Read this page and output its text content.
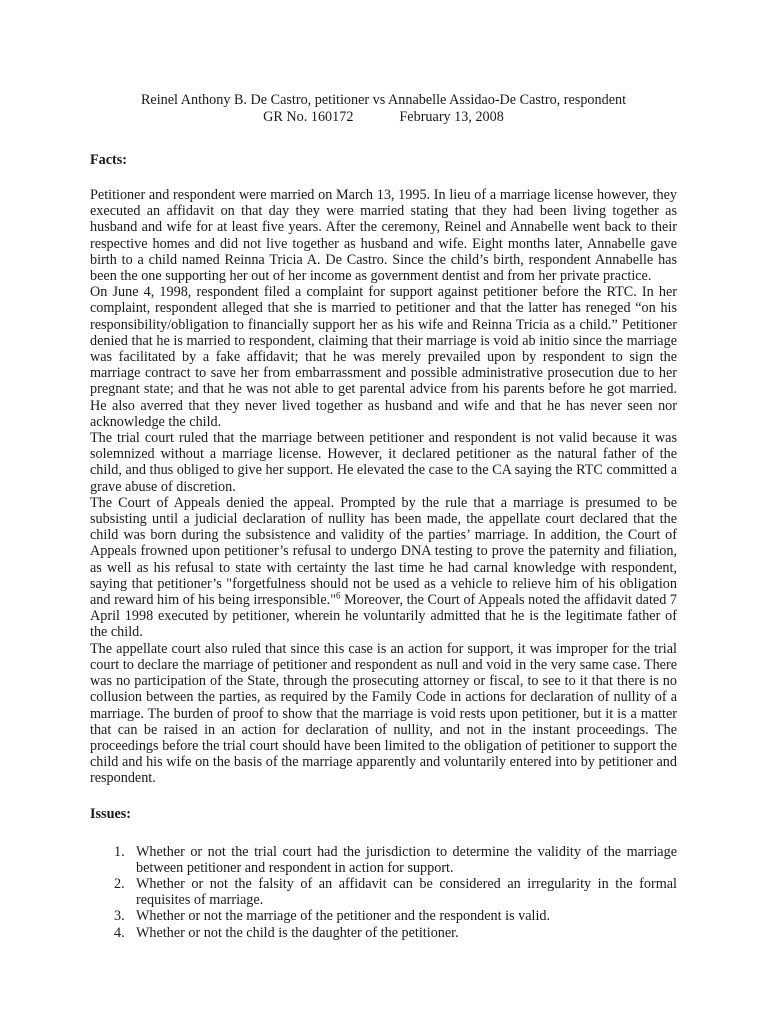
Reinel Anthony B. De Castro, petitioner vs Annabelle Assidao-De Castro, respondent
GR No. 160172	February 13, 2008
Facts:

Petitioner and respondent were married on March 13, 1995. In lieu of a marriage license however, they executed an affidavit on that day they were married stating that they had been living together as husband and wife for at least five years. After the ceremony, Reinel and Annabelle went back to their respective homes and did not live together as husband and wife. Eight months later, Annabelle gave birth to a child named Reinna Tricia A. De Castro. Since the child’s birth, respondent Annabelle has been the one supporting her out of her income as government dentist and from her private practice.

On June 4, 1998, respondent filed a complaint for support against petitioner before the RTC. In her complaint, respondent alleged that she is married to petitioner and that the latter has reneged “on his responsibility/obligation to financially support her as his wife and Reinna Tricia as a child.” Petitioner denied that he is married to respondent, claiming that their marriage is void ab initio since the marriage was facilitated by a fake affidavit; that he was merely prevailed upon by respondent to sign the marriage contract to save her from embarrassment and possible administrative prosecution due to her pregnant state; and that he was not able to get parental advice from his parents before he got married. He also averred that they never lived together as husband and wife and that he has never seen nor acknowledge the child.

The trial court ruled that the marriage between petitioner and respondent is not valid because it was solemnized without a marriage license. However, it declared petitioner as the natural father of the child, and thus obliged to give her support. He elevated the case to the CA saying the RTC committed a grave abuse of discretion.

The Court of Appeals denied the appeal. Prompted by the rule that a marriage is presumed to be subsisting until a judicial declaration of nullity has been made, the appellate court declared that the child was born during the subsistence and validity of the parties’ marriage. In addition, the Court of Appeals frowned upon petitioner’s refusal to undergo DNA testing to prove the paternity and filiation, as well as his refusal to state with certainty the last time he had carnal knowledge with respondent, saying that petitioner’s "forgetfulness should not be used as a vehicle to relieve him of his obligation and reward him of his being irresponsible."$^6$ Moreover, the Court of Appeals noted the affidavit dated 7 April 1998 executed by petitioner, wherein he voluntarily admitted that he is the legitimate father of the child.

The appellate court also ruled that since this case is an action for support, it was improper for the trial court to declare the marriage of petitioner and respondent as null and void in the very same case. There was no participation of the State, through the prosecuting attorney or fiscal, to see to it that there is no collusion between the parties, as required by the Family Code in actions for declaration of nullity of a marriage. The burden of proof to show that the marriage is void rests upon petitioner, but it is a matter that can be raised in an action for declaration of nullity, and not in the instant proceedings. The proceedings before the trial court should have been limited to the obligation of petitioner to support the child and his wife on the basis of the marriage apparently and voluntarily entered into by petitioner and respondent.

Issues:
1. Whether or not the trial court had the jurisdiction to determine the validity of the marriage between petitioner and respondent in action for support.
2. Whether or not the falsity of an affidavit can be considered an irregularity in the formal requisites of marriage.
3. Whether or not the marriage of the petitioner and the respondent is valid.
4. Whether or not the child is the daughter of the petitioner.
